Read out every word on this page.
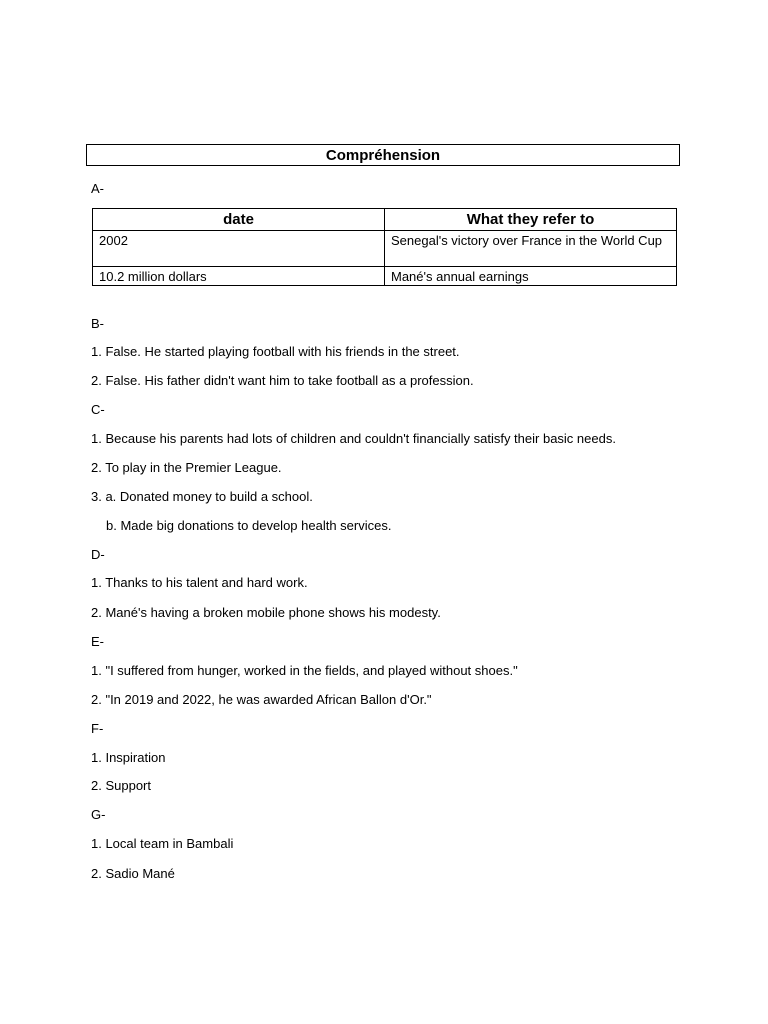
Compréhension
A-
date	What they refer to
2002	Senegal's victory over France in the World Cup
10.2 million dollars	Mané's annual earnings
B-
1. False. He started playing football with his friends in the street.
2. False. His father didn't want him to take football as a profession.
C-
1. Because his parents had lots of children and couldn't financially satisfy their basic needs.
2. To play in the Premier League.
3. a. Donated money to build a school.
b. Made big donations to develop health services.
D-
1. Thanks to his talent and hard work.
2. Mané's having a broken mobile phone shows his modesty.
E-
1. "I suffered from hunger, worked in the fields, and played without shoes."
2. "In 2019 and 2022, he was awarded African Ballon d'Or."
F-
1. Inspiration
2. Support
G-
1. Local team in Bambali
2. Sadio Mané
